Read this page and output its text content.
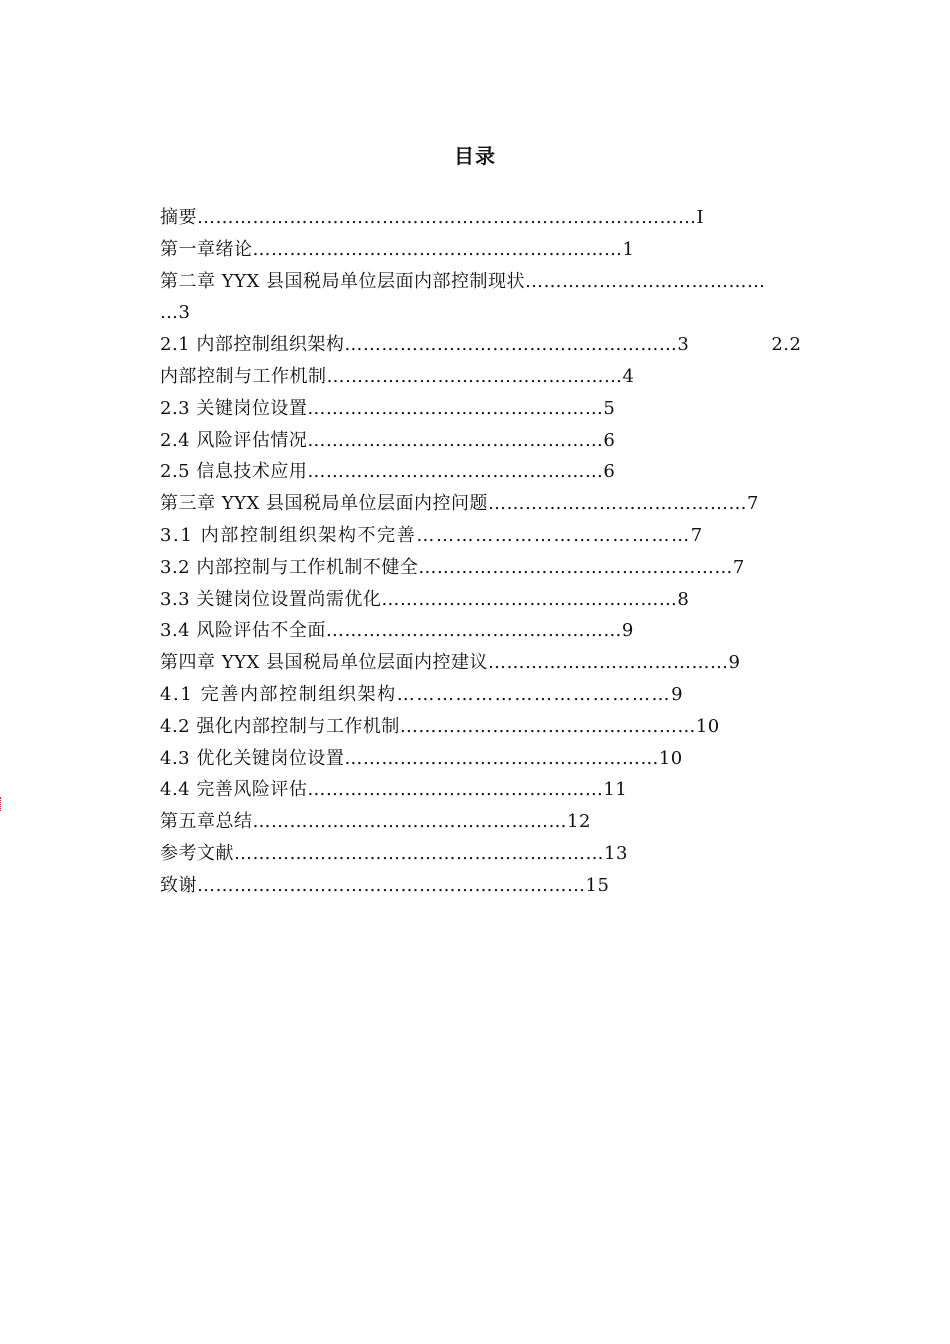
目录
摘要………………………………………………………………………I
第一章绪论……………………………………………………1
第二章 YYX 县国税局单位层面内部控制现状…………………………………
…3
2.1 内部控制组织架构………………………………………………3	2.2
内部控制与工作机制…………………………………………4
2.3 关键岗位设置…………………………………………5
2.4 风险评估情况…………………………………………6
2.5 信息技术应用…………………………………………6
第三章 YYX 县国税局单位层面内控问题……………………………………7
3.1 内部控制组织架构不完善……………………………………7
3.2 内部控制与工作机制不健全……………………………………………7
3.3 关键岗位设置尚需优化…………………………………………8
3.4 风险评估不全面…………………………………………9
第四章 YYX 县国税局单位层面内控建议…………………………………9
4.1 完善内部控制组织架构……………………………………9
4.2 强化内部控制与工作机制…………………………………………10
4.3 优化关键岗位设置……………………………………………10
4.4 完善风险评估…………………………………………11
第五章总结……………………………………………12
参考文献……………………………………………………13
致谢………………………………………………………15
